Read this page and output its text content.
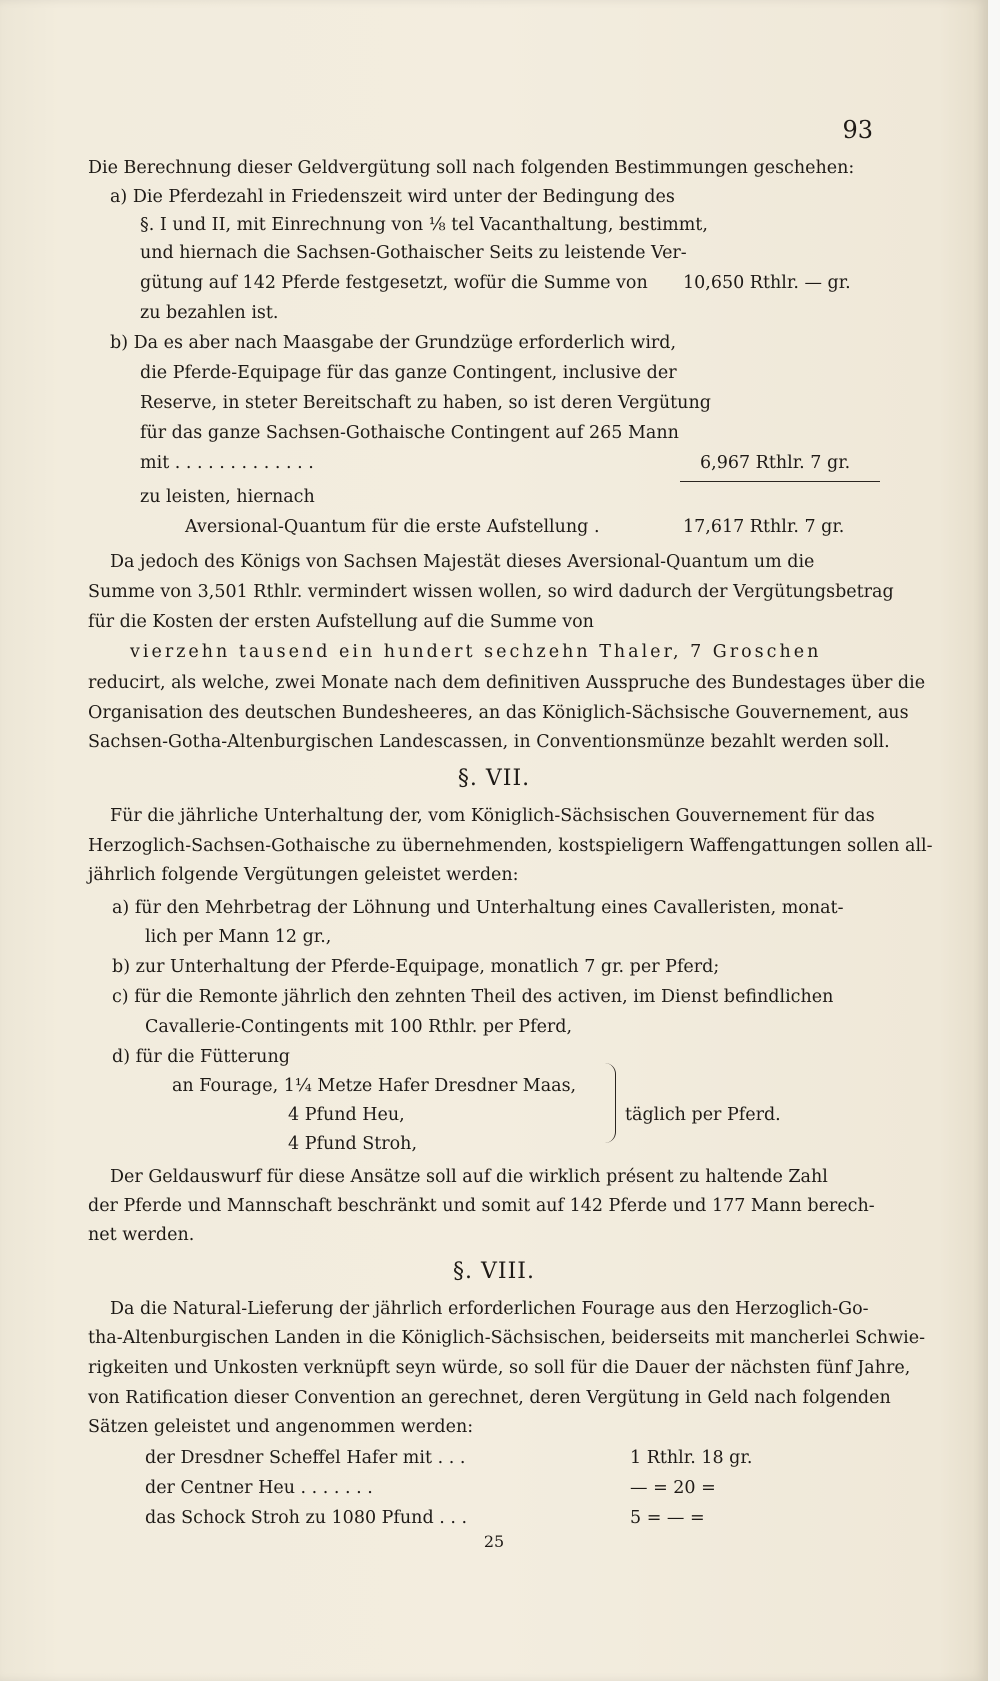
93
Die Berechnung dieser Geldvergütung soll nach folgenden Bestimmungen geschehen:
a) Die Pferdezahl in Friedenszeit wird unter der Bedingung des
§. I und II, mit Einrechnung von ⅛ tel Vacanthaltung, bestimmt,
und hiernach die Sachsen-Gothaischer Seits zu leistende Ver-
gütung auf 142 Pferde festgesetzt, wofür die Summe von 10,650 Rthlr. — gr.
zu bezahlen ist.
b) Da es aber nach Maasgabe der Grundzüge erforderlich wird,
die Pferde-Equipage für das ganze Contingent, inclusive der
Reserve, in steter Bereitschaft zu haben, so ist deren Vergütung
für das ganze Sachsen-Gothaische Contingent auf 265 Mann
mit . . . . . . . . . . . . .	6,967 Rthlr. 7 gr.
zu leisten, hiernach
Aversional-Quantum für die erste Aufstellung .	17,617 Rthlr. 7 gr.
Da jedoch des Königs von Sachsen Majestät dieses Aversional-Quantum um die
Summe von 3,501 Rthlr. vermindert wissen wollen, so wird dadurch der Vergütungsbetrag
für die Kosten der ersten Aufstellung auf die Summe von
vierzehn tausend ein hundert sechzehn Thaler, 7 Groschen
reducirt, als welche, zwei Monate nach dem definitiven Ausspruche des Bundestages über die
Organisation des deutschen Bundesheeres, an das Königlich-Sächsische Gouvernement, aus
Sachsen-Gotha-Altenburgischen Landescassen, in Conventionsmünze bezahlt werden soll.
§. VII.
Für die jährliche Unterhaltung der, vom Königlich-Sächsischen Gouvernement für das
Herzoglich-Sachsen-Gothaische zu übernehmenden, kostspieligern Waffengattungen sollen all-
jährlich folgende Vergütungen geleistet werden:
a) für den Mehrbetrag der Löhnung und Unterhaltung eines Cavalleristen, monat-
lich per Mann 12 gr.,
b) zur Unterhaltung der Pferde-Equipage, monatlich 7 gr. per Pferd;
c) für die Remonte jährlich den zehnten Theil des activen, im Dienst befindlichen
Cavallerie-Contingents mit 100 Rthlr. per Pferd,
d) für die Fütterung
an Fourage, 1¼ Metze Hafer Dresdner Maas,
4 Pfund Heu,
4 Pfund Stroh,
täglich per Pferd.
Der Geldauswurf für diese Ansätze soll auf die wirklich présent zu haltende Zahl
der Pferde und Mannschaft beschränkt und somit auf 142 Pferde und 177 Mann berech-
net werden.
§. VIII.
Da die Natural-Lieferung der jährlich erforderlichen Fourage aus den Herzoglich-Go-
tha-Altenburgischen Landen in die Königlich-Sächsischen, beiderseits mit mancherlei Schwie-
rigkeiten und Unkosten verknüpft seyn würde, so soll für die Dauer der nächsten fünf Jahre,
von Ratification dieser Convention an gerechnet, deren Vergütung in Geld nach folgenden
Sätzen geleistet und angenommen werden:
der Dresdner Scheffel Hafer mit . . .	1 Rthlr. 18 gr.
der Centner Heu . . . . . . .	— = 20 =
das Schock Stroh zu 1080 Pfund . . .	5 = — =
25
